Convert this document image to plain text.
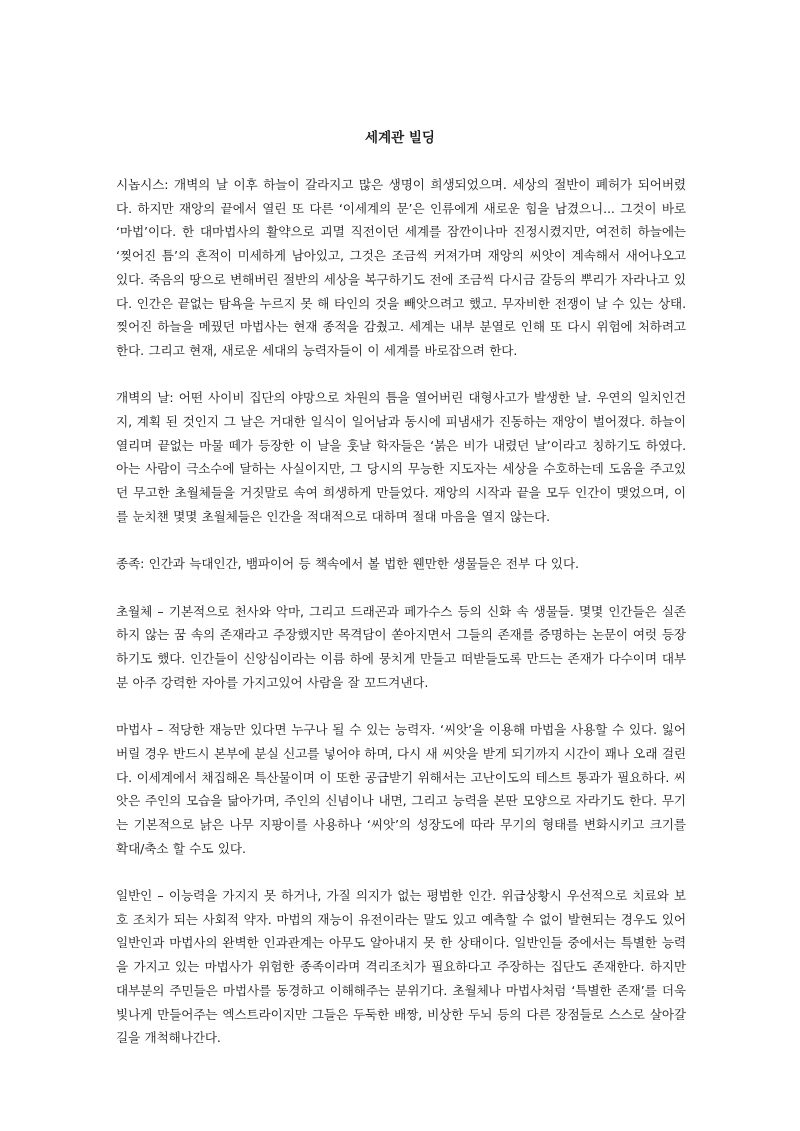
세계관 빌딩

시놉시스: 개벽의 날 이후 하늘이 갈라지고 많은 생명이 희생되었으며. 세상의 절반이 폐허가 되어버렸다. 하지만 재앙의 끝에서 열린 또 다른 ‘이세계의 문’은 인류에게 새로운 힘을 남겼으니... 그것이 바로 ‘마법’이다. 한 대마법사의 활약으로 괴멸 직전이던 세계를 잠깐이나마 진정시켰지만, 여전히 하늘에는 ‘찢어진 틈’의 흔적이 미세하게 남아있고, 그것은 조금씩 커져가며 재앙의 씨앗이 계속해서 새어나오고 있다. 죽음의 땅으로 변해버린 절반의 세상을 복구하기도 전에 조금씩 다시금 갈등의 뿌리가 자라나고 있다. 인간은 끝없는 탐욕을 누르지 못 해 타인의 것을 빼앗으려고 했고. 무자비한 전쟁이 날 수 있는 상태. 찢어진 하늘을 메꿨던 마법사는 현재 종적을 감췄고. 세계는 내부 분열로 인해 또 다시 위험에 처하려고 한다. 그리고 현재, 새로운 세대의 능력자들이 이 세계를 바로잡으려 한다.

개벽의 날: 어떤 사이비 집단의 야망으로 차원의 틈을 열어버린 대형사고가 발생한 날. 우연의 일치인건지, 계획 된 것인지 그 날은 거대한 일식이 일어남과 동시에 피냄새가 진동하는 재앙이 벌어졌다. 하늘이 열리며 끝없는 마물 떼가 등장한 이 날을 훗날 학자들은 ‘붉은 비가 내렸던 날’이라고 칭하기도 하였다. 아는 사람이 극소수에 달하는 사실이지만, 그 당시의 무능한 지도자는 세상을 수호하는데 도움을 주고있던 무고한 초월체들을 거짓말로 속여 희생하게 만들었다. 재앙의 시작과 끝을 모두 인간이 맺었으며, 이를 눈치챈 몇몇 초월체들은 인간을 적대적으로 대하며 절대 마음을 열지 않는다.

종족: 인간과 늑대인간, 뱀파이어 등 책속에서 볼 법한 웬만한 생물들은 전부 다 있다.

초월체 – 기본적으로 천사와 악마, 그리고 드래곤과 페가수스 등의 신화 속 생물들. 몇몇 인간들은 실존하지 않는 꿈 속의 존재라고 주장했지만 목격담이 쏟아지면서 그들의 존재를 증명하는 논문이 여럿 등장하기도 했다. 인간들이 신앙심이라는 이름 하에 뭉치게 만들고 떠받들도록 만드는 존재가 다수이며 대부분 아주 강력한 자아를 가지고있어 사람을 잘 꼬드겨낸다.

마법사 – 적당한 재능만 있다면 누구나 될 수 있는 능력자. ‘씨앗’을 이용해 마법을 사용할 수 있다. 잃어버릴 경우 반드시 본부에 분실 신고를 넣어야 하며, 다시 새 씨앗을 받게 되기까지 시간이 꽤나 오래 걸린다. 이세계에서 채집해온 특산물이며 이 또한 공급받기 위해서는 고난이도의 테스트 통과가 필요하다. 씨앗은 주인의 모습을 닮아가며, 주인의 신념이나 내면, 그리고 능력을 본딴 모양으로 자라기도 한다. 무기는 기본적으로 낡은 나무 지팡이를 사용하나 ‘씨앗’의 성장도에 따라 무기의 형태를 변화시키고 크기를 확대/축소 할 수도 있다.

일반인 – 이능력을 가지지 못 하거나, 가질 의지가 없는 평범한 인간. 위급상황시 우선적으로 치료와 보호 조치가 되는 사회적 약자. 마법의 재능이 유전이라는 말도 있고 예측할 수 없이 발현되는 경우도 있어 일반인과 마법사의 완벽한 인과관계는 아무도 알아내지 못 한 상태이다. 일반인들 중에서는 특별한 능력을 가지고 있는 마법사가 위험한 종족이라며 격리조치가 필요하다고 주장하는 집단도 존재한다. 하지만 대부분의 주민들은 마법사를 동경하고 이해해주는 분위기다. 초월체나 마법사처럼 ‘특별한 존재’를 더욱 빛나게 만들어주는 엑스트라이지만 그들은 두둑한 배짱, 비상한 두뇌 등의 다른 장점들로 스스로 살아갈 길을 개척해나간다.
